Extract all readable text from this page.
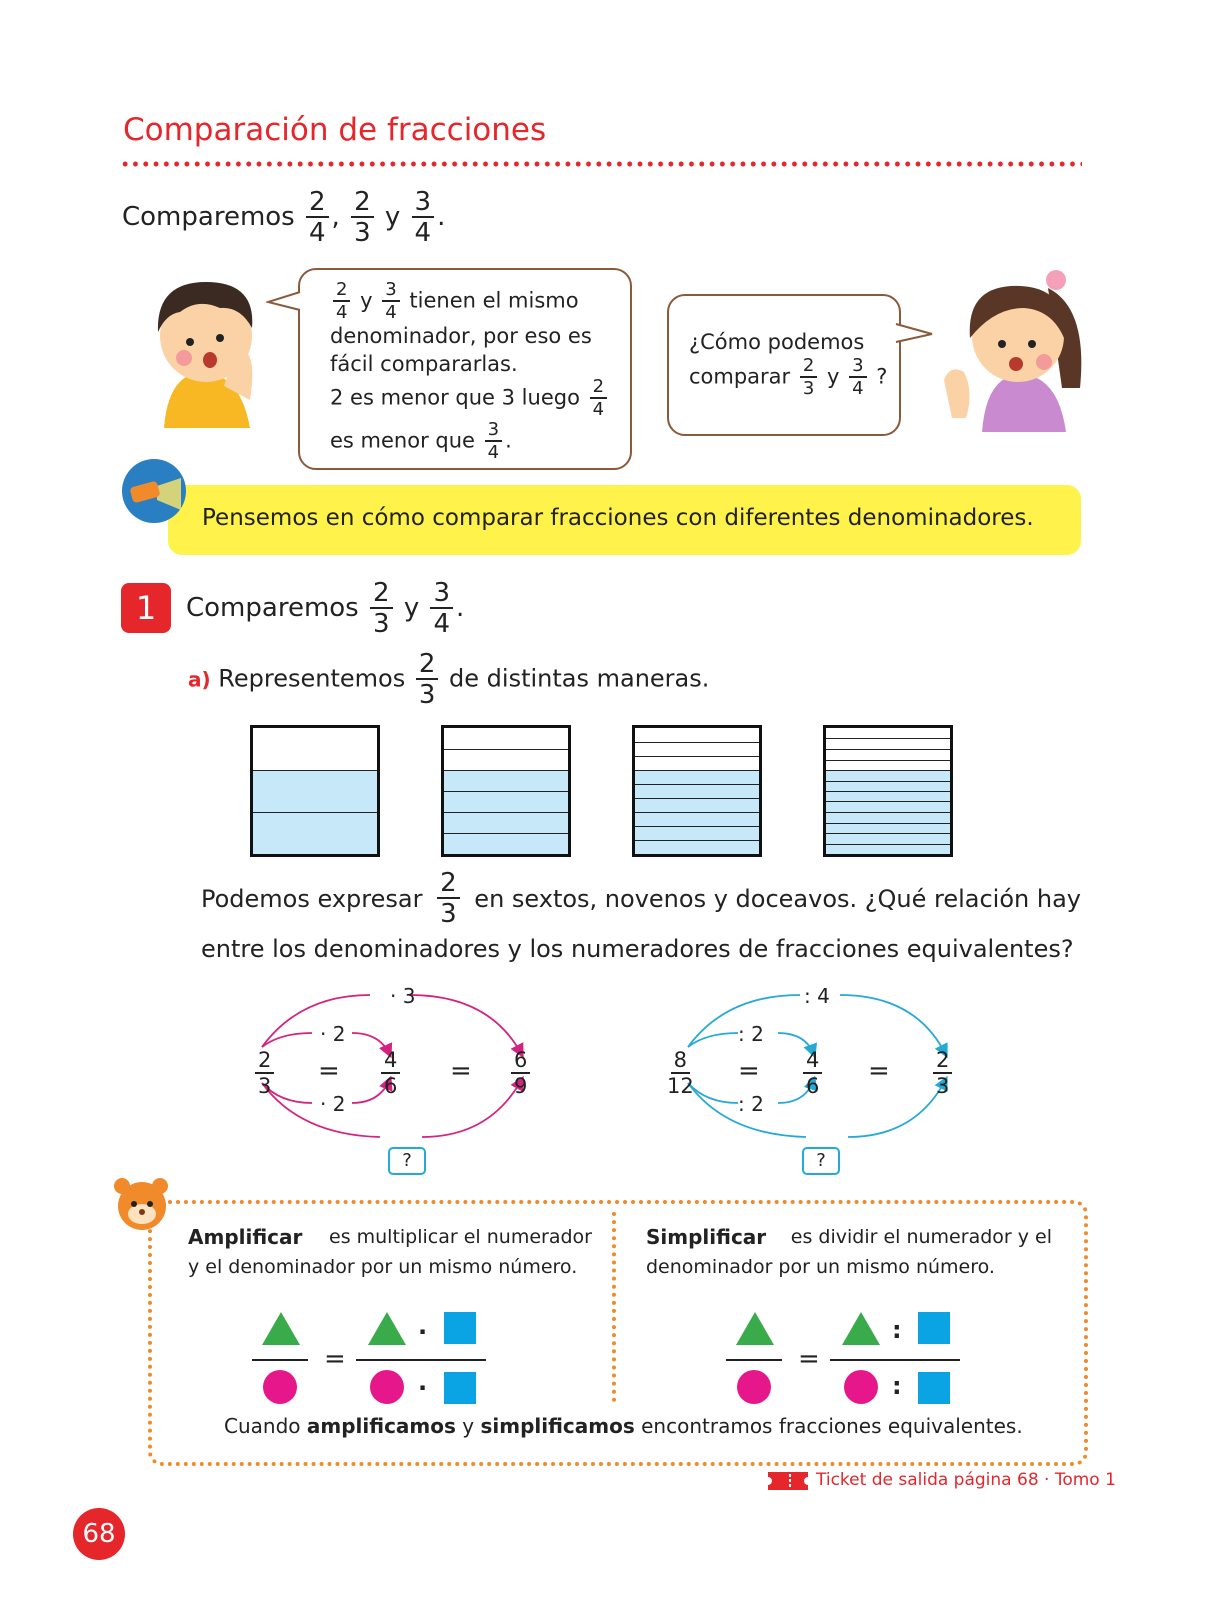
Comparación de fracciones
Comparemos $\frac{2}{4}$ , $\frac{2}{3}$ y $\frac{3}{4}$ .
$\frac{2}{4}$ y $\frac{3}{4}$ tienen el mismo
denominador, por eso es
fácil compararlas.
2 es menor que 3 luego $\frac{2}{4}$
es menor que $\frac{3}{4}$ .
¿Cómo podemos
comparar $\frac{2}{3}$ y $\frac{3}{4}$ ?
Pensemos en cómo comparar fracciones con diferentes denominadores.
1	Comparemos $\frac{2}{3}$ y $\frac{3}{4}$ .
a) Representemos $\frac{2}{3}$ de distintas maneras.
Podemos expresar $\frac{2}{3}$ en sextos, novenos y doceavos. ¿Qué relación hay
entre los denominadores y los numeradores de fracciones equivalentes?
· 3
· 2
· 2
$\frac{2}{3} = \frac{4}{6} = \frac{6}{9}$
?
: 4
: 2
: 2
$\frac{8}{12} = \frac{4}{6} = \frac{2}{3}$
?
Amplificar es multiplicar el numerador
y el denominador por un mismo número.
Simplificar es dividir el numerador y el
denominador por un mismo número.
=
·
·
=
:
:
Cuando amplificamos y simplificamos encontramos fracciones equivalentes.
Ticket de salida página 68 · Tomo 1
68
